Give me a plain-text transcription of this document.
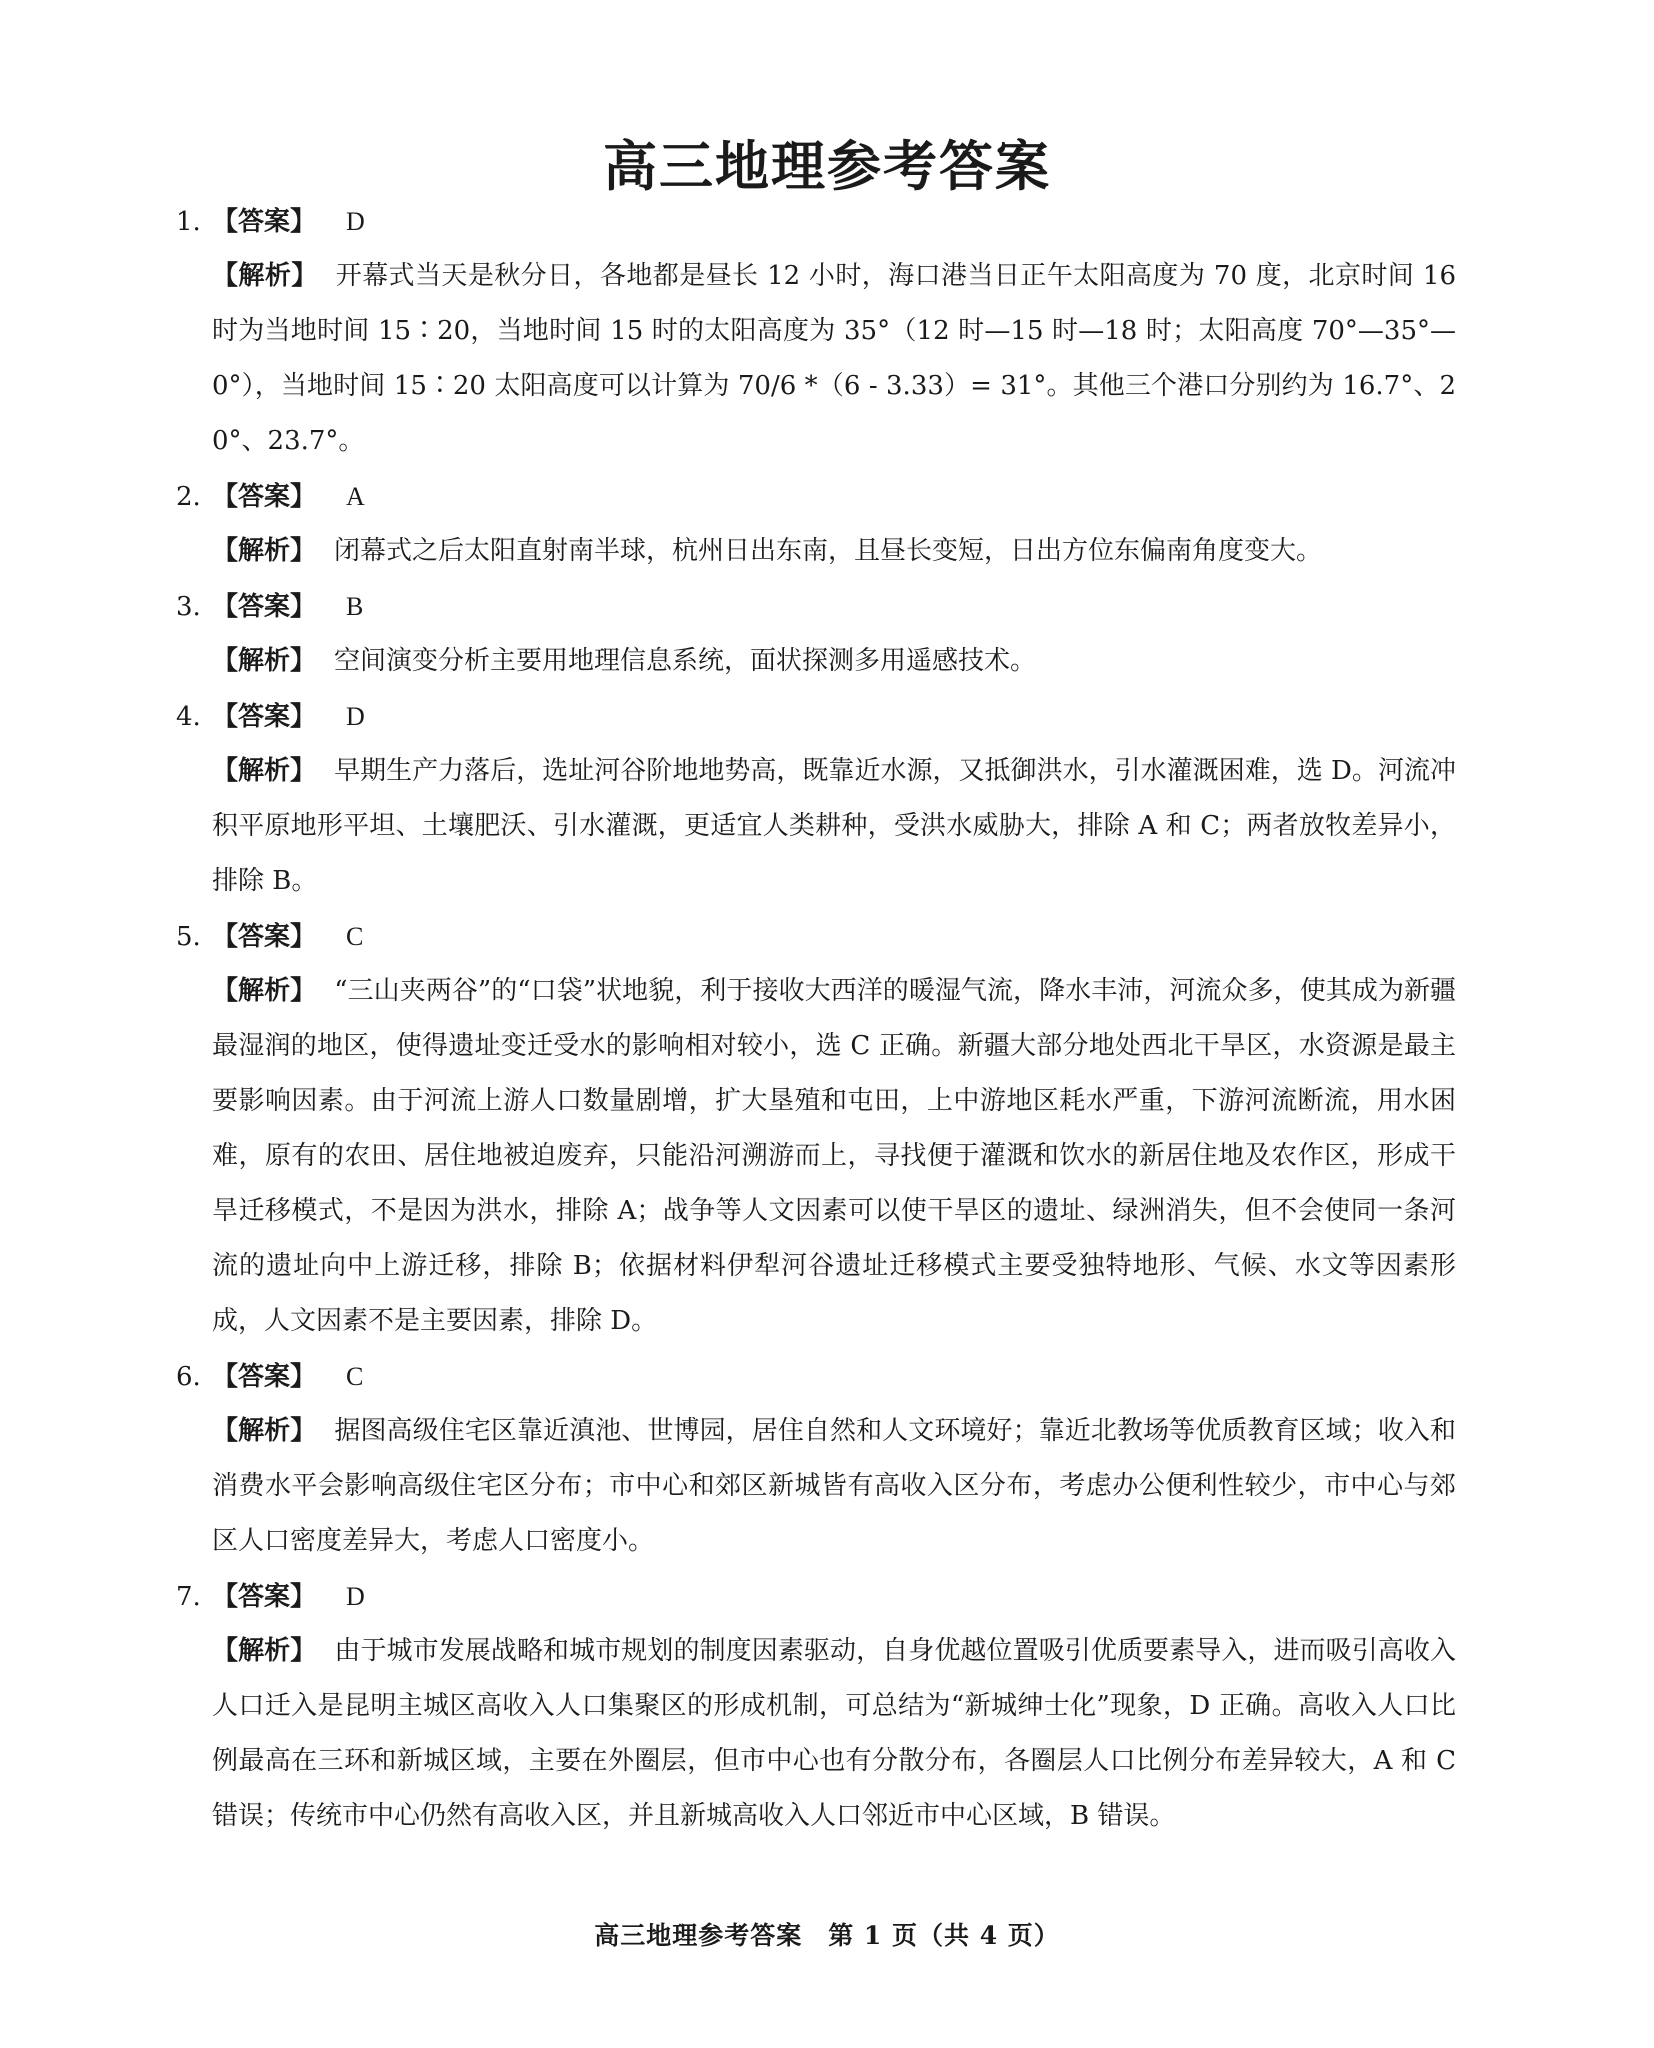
高三地理参考答案
1. 【答案】 D
【解析】 开幕式当天是秋分日，各地都是昼长 12 小时，海口港当日正午太阳高度为 70 度，北京时间 16 时为当地时间 15∶20，当地时间 15 时的太阳高度为 35°（12 时—15 时—18 时；太阳高度 70°—35°—0°），当地时间 15∶20 太阳高度可以计算为 70/6 *（6 - 3.33）= 31°。其他三个港口分别约为 16.7°、20°、23.7°。
2. 【答案】 A
【解析】 闭幕式之后太阳直射南半球，杭州日出东南，且昼长变短，日出方位东偏南角度变大。
3. 【答案】 B
【解析】 空间演变分析主要用地理信息系统，面状探测多用遥感技术。
4. 【答案】 D
【解析】 早期生产力落后，选址河谷阶地地势高，既靠近水源，又抵御洪水，引水灌溉困难，选 D。河流冲积平原地形平坦、土壤肥沃、引水灌溉，更适宜人类耕种，受洪水威胁大，排除 A 和 C；两者放牧差异小，排除 B。
5. 【答案】 C
【解析】 “三山夹两谷”的“口袋”状地貌，利于接收大西洋的暖湿气流，降水丰沛，河流众多，使其成为新疆最湿润的地区，使得遗址变迁受水的影响相对较小，选 C 正确。新疆大部分地处西北干旱区，水资源是最主要影响因素。由于河流上游人口数量剧增，扩大垦殖和屯田，上中游地区耗水严重，下游河流断流，用水困难，原有的农田、居住地被迫废弃，只能沿河溯游而上，寻找便于灌溉和饮水的新居住地及农作区，形成干旱迁移模式，不是因为洪水，排除 A；战争等人文因素可以使干旱区的遗址、绿洲消失，但不会使同一条河流的遗址向中上游迁移，排除 B；依据材料伊犁河谷遗址迁移模式主要受独特地形、气候、水文等因素形成，人文因素不是主要因素，排除 D。
6. 【答案】 C
【解析】 据图高级住宅区靠近滇池、世博园，居住自然和人文环境好；靠近北教场等优质教育区域；收入和消费水平会影响高级住宅区分布；市中心和郊区新城皆有高收入区分布，考虑办公便利性较少，市中心与郊区人口密度差异大，考虑人口密度小。
7. 【答案】 D
【解析】 由于城市发展战略和城市规划的制度因素驱动，自身优越位置吸引优质要素导入，进而吸引高收入人口迁入是昆明主城区高收入人口集聚区的形成机制，可总结为“新城绅士化”现象，D 正确。高收入人口比例最高在三环和新城区域，主要在外圈层，但市中心也有分散分布，各圈层人口比例分布差异较大，A 和 C 错误；传统市中心仍然有高收入区，并且新城高收入人口邻近市中心区域，B 错误。
高三地理参考答案　第 1 页（共 4 页）
